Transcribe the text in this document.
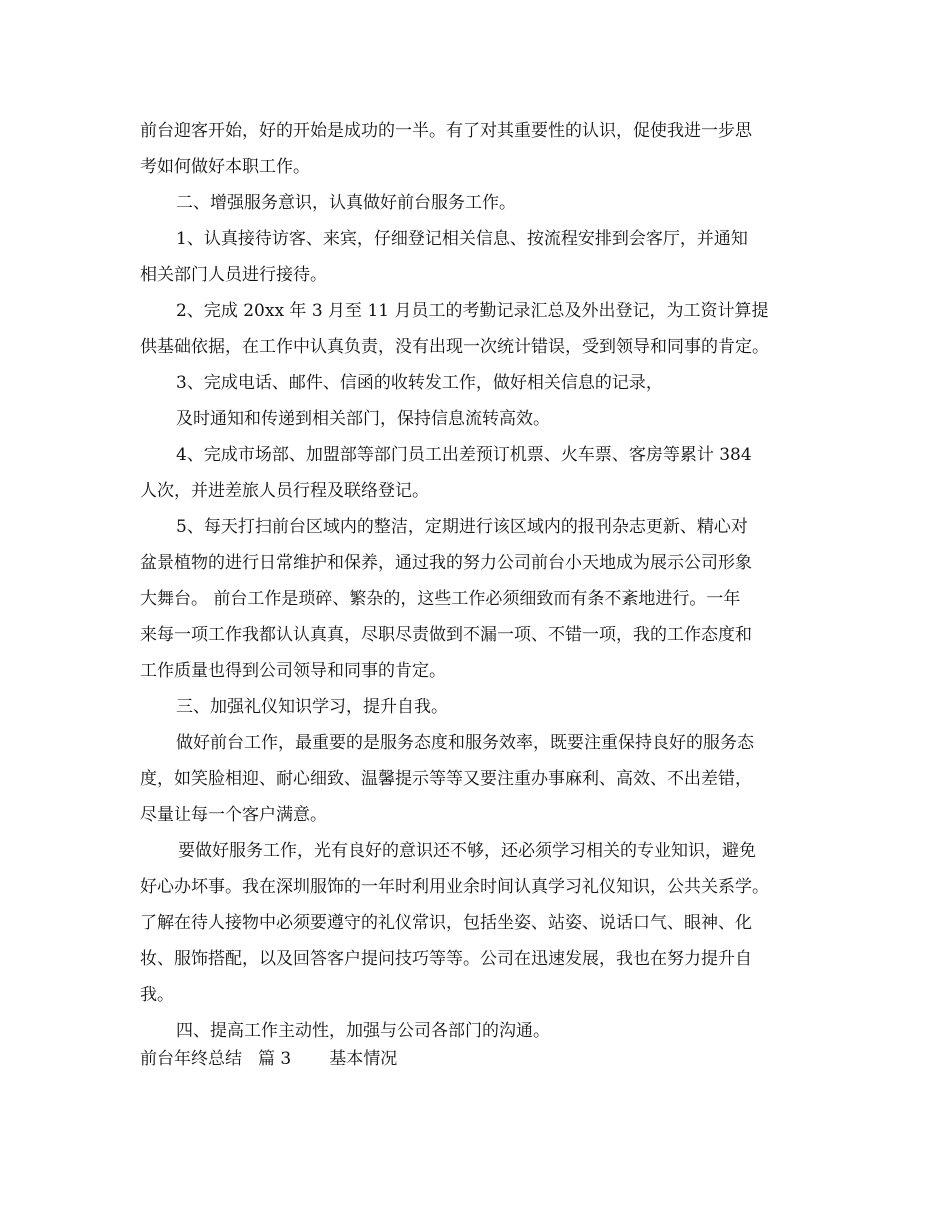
前台迎客开始，好的开始是成功的一半。有了对其重要性的认识，促使我进一步思

考如何做好本职工作。

二、增强服务意识，认真做好前台服务工作。

1、认真接待访客、来宾，仔细登记相关信息、按流程安排到会客厅，并通知

相关部门人员进行接待。

2、完成 20xx 年 3 月至 11 月员工的考勤记录汇总及外出登记，为工资计算提

供基础依据，在工作中认真负责，没有出现一次统计错误，受到领导和同事的肯定。

3、完成电话、邮件、信函的收转发工作，做好相关信息的记录，

及时通知和传递到相关部门，保持信息流转高效。

4、完成市场部、加盟部等部门员工出差预订机票、火车票、客房等累计 384

人次，并进差旅人员行程及联络登记。

5、每天打扫前台区域内的整洁，定期进行该区域内的报刊杂志更新、精心对

盆景植物的进行日常维护和保养，通过我的努力公司前台小天地成为展示公司形象

大舞台。 前台工作是琐碎、繁杂的，这些工作必须细致而有条不紊地进行。一年

来每一项工作我都认认真真，尽职尽责做到不漏一项、不错一项，我的工作态度和

工作质量也得到公司领导和同事的肯定。

三、加强礼仪知识学习，提升自我。

做好前台工作，最重要的是服务态度和服务效率，既要注重保持良好的服务态

度，如笑脸相迎、耐心细致、温馨提示等等又要注重办事麻利、高效、不出差错，

尽量让每一个客户满意。

要做好服务工作，光有良好的意识还不够，还必须学习相关的专业知识，避免

好心办坏事。我在深圳服饰的一年时利用业余时间认真学习礼仪知识，公共关系学。

了解在待人接物中必须要遵守的礼仪常识，包括坐姿、站姿、说话口气、眼神、化

妆、服饰搭配，以及回答客户提问技巧等等。公司在迅速发展，我也在努力提升自

我。

四、提高工作主动性，加强与公司各部门的沟通。

前台年终总结 篇 3 基本情况
